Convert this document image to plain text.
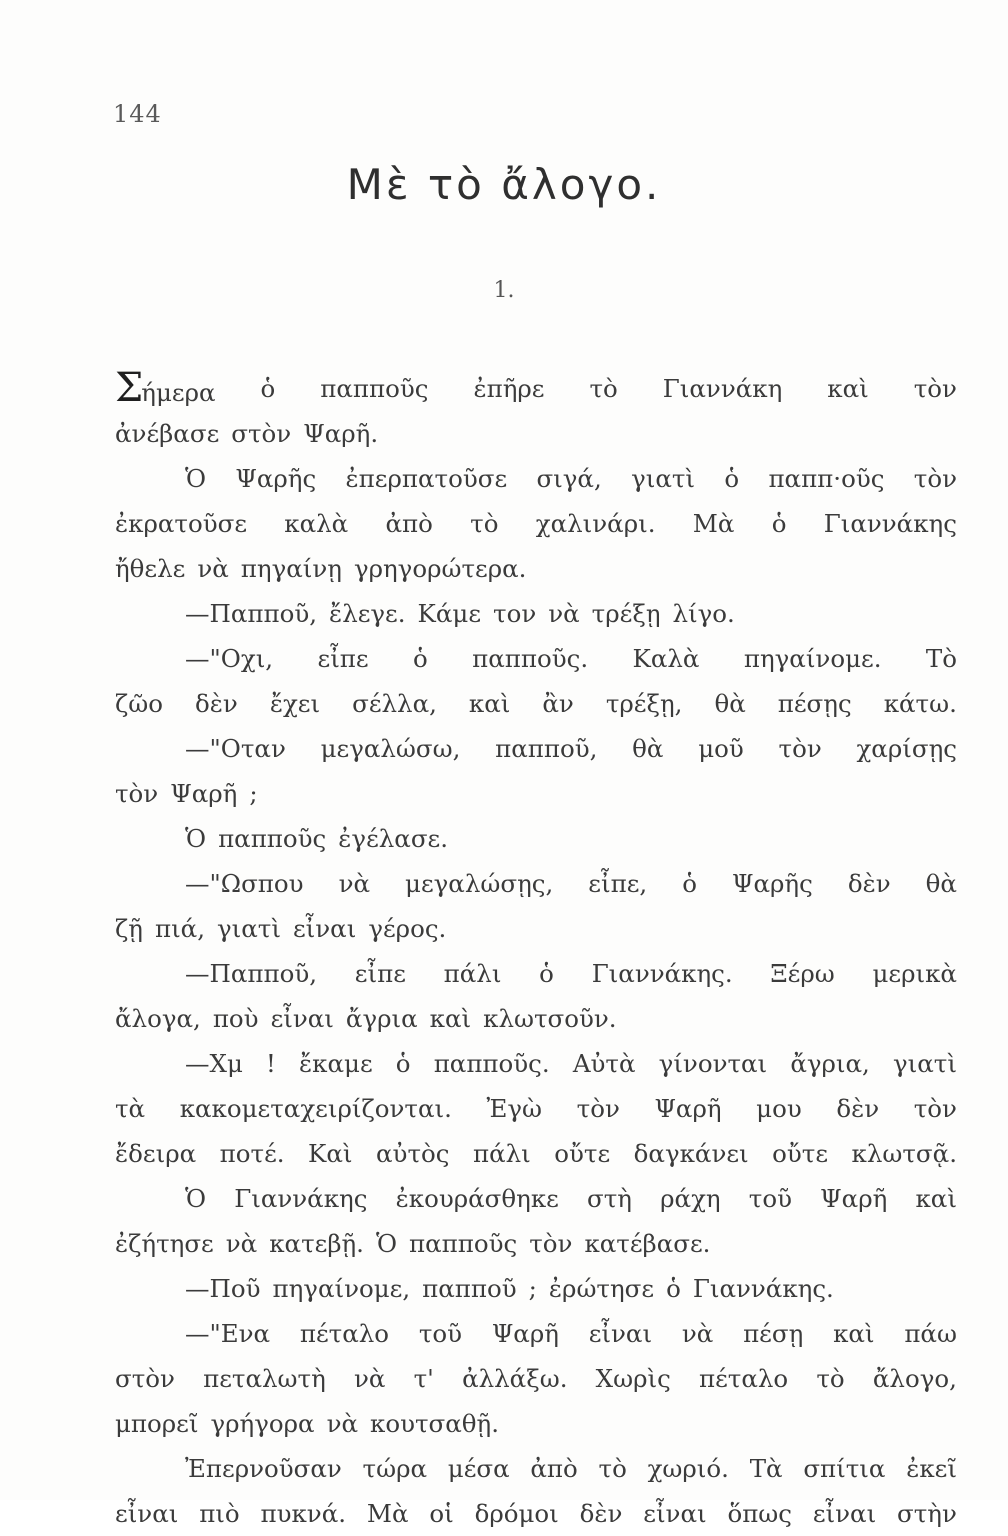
144
Μὲ τὸ ἄλογο.
1.
Σήμερα ὁ παπποῦς ἐπῆρε τὸ Γιαννάκη καὶ τὸν
ἀνέβασε στὸν Ψαρῆ.
Ὁ Ψαρῆς ἐπερπατοῦσε σιγά, γιατὶ ὁ παππ·οῦς τὸν
ἐκρατοῦσε καλὰ ἀπὸ τὸ χαλινάρι. Μὰ ὁ Γιαννάκης
ἤθελε νὰ πηγαίνῃ γρηγορώτερα.
—Παπποῦ, ἔλεγε. Κάμε τον νὰ τρέξῃ λίγο.
—"Οχι, εἶπε ὁ παπποῦς. Καλὰ πηγαίνομε. Τὸ
ζῶο δὲν ἔχει σέλλα, καὶ ἂν τρέξῃ, θὰ πέσῃς κάτω.
—"Οταν μεγαλώσω, παπποῦ, θὰ μοῦ τὸν χαρίσῃς
τὸν Ψαρῆ ;
Ὁ παπποῦς ἐγέλασε.
—"Ωσπου νὰ μεγαλώσῃς, εἶπε, ὁ Ψαρῆς δὲν θὰ
ζῇ πιά, γιατὶ εἶναι γέρος.
—Παπποῦ, εἶπε πάλι ὁ Γιαννάκης. Ξέρω μερικὰ
ἄλογα, ποὺ εἶναι ἄγρια καὶ κλωτσοῦν.
—Χμ ! ἔκαμε ὁ παπποῦς. Αὐτὰ γίνονται ἄγρια, γιατὶ
τὰ κακομεταχειρίζονται. Ἐγὼ τὸν Ψαρῆ μου δὲν τὸν
ἔδειρα ποτέ. Καὶ αὐτὸς πάλι οὔτε δαγκάνει οὔτε κλωτσᾷ.
Ὁ Γιαννάκης ἐκουράσθηκε στὴ ράχη τοῦ Ψαρῆ καὶ
ἐζήτησε νὰ κατεβῇ. Ὁ παπποῦς τὸν κατέβασε.
—Ποῦ πηγαίνομε, παπποῦ ; ἐρώτησε ὁ Γιαννάκης.
—"Ενα πέταλο τοῦ Ψαρῆ εἶναι νὰ πέσῃ καὶ πάω
στὸν πεταλωτὴ νὰ τ' ἀλλάξω. Χωρὶς πέταλο τὸ ἄλογο,
μπορεῖ γρήγορα νὰ κουτσαθῇ.
Ἐπερνοῦσαν τώρα μέσα ἀπὸ τὸ χωριό. Τὰ σπίτια ἐκεῖ
εἶναι πιὸ πυκνά. Μὰ οἱ δρόμοι δὲν εἶναι ὅπως εἶναι στὴν
